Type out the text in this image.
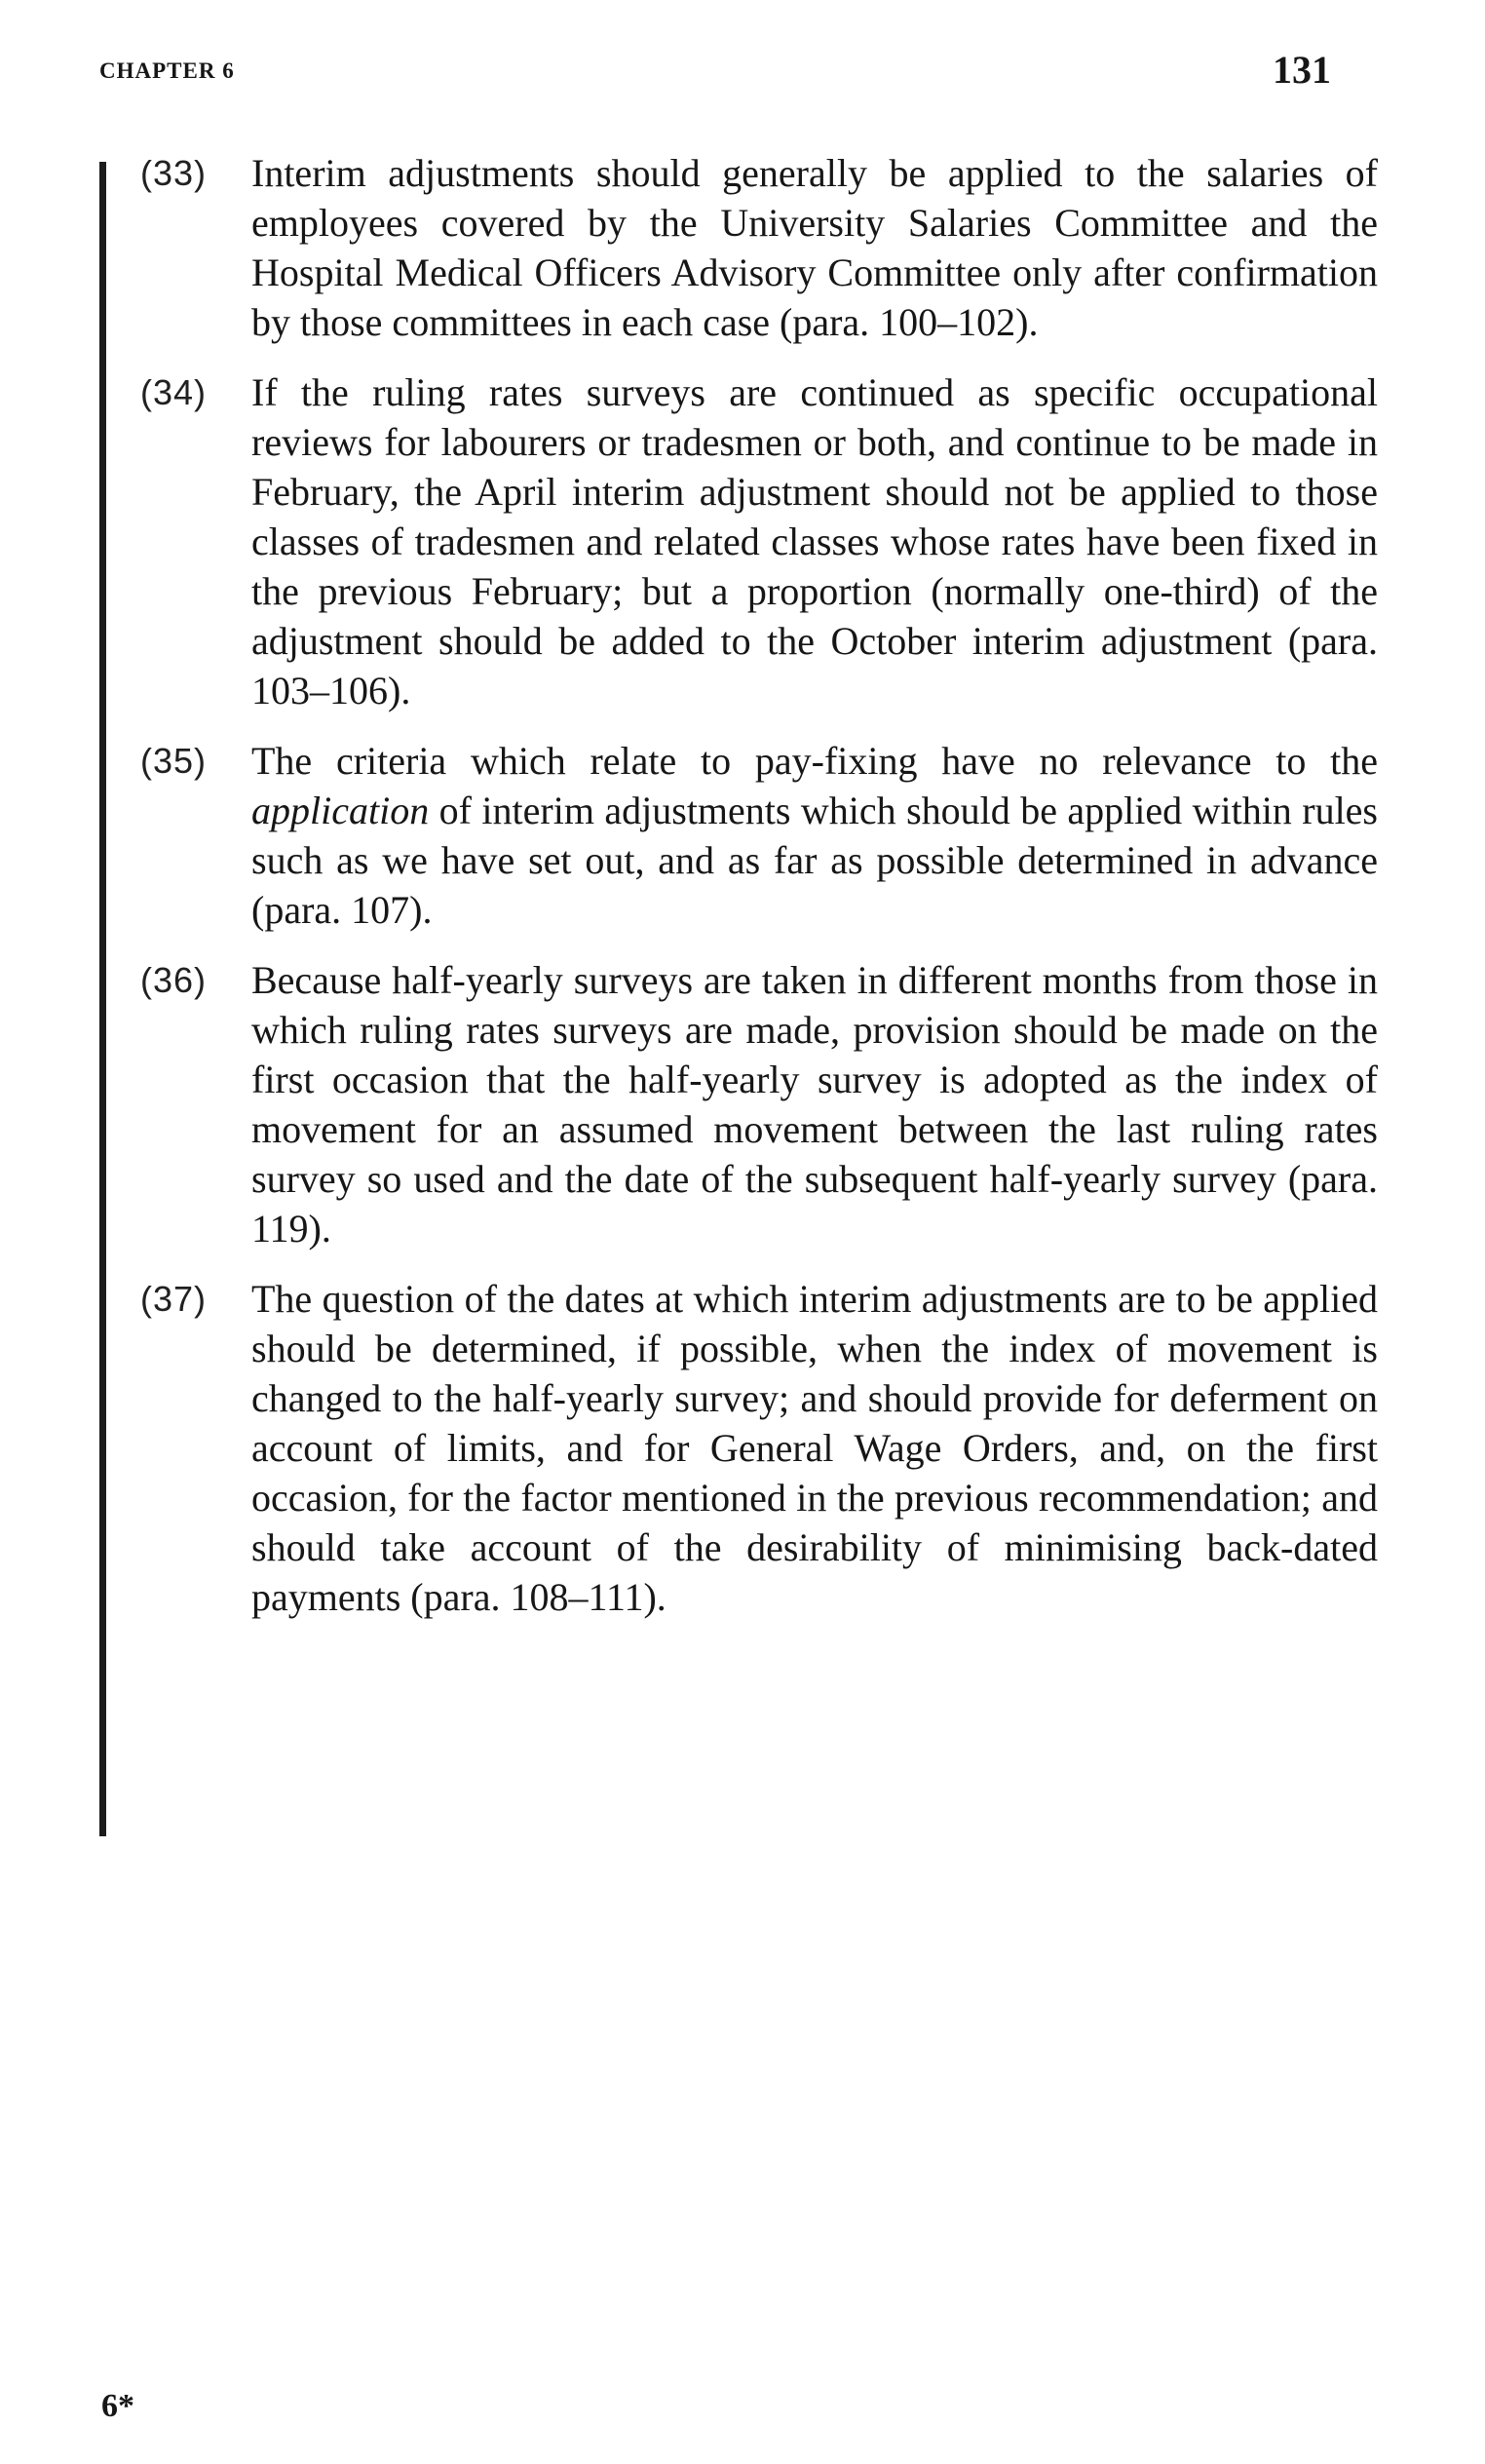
CHAPTER 6	131
(33) Interim adjustments should generally be applied to the salaries of employees covered by the University Salaries Committee and the Hospital Medical Officers Advisory Committee only after confirmation by those committees in each case (para. 100–102).
(34) If the ruling rates surveys are continued as specific occupational reviews for labourers or tradesmen or both, and continue to be made in February, the April interim adjustment should not be applied to those classes of tradesmen and related classes whose rates have been fixed in the previous February; but a proportion (normally one-third) of the adjustment should be added to the October interim adjustment (para. 103–106).
(35) The criteria which relate to pay-fixing have no relevance to the application of interim adjustments which should be applied within rules such as we have set out, and as far as possible determined in advance (para. 107).
(36) Because half-yearly surveys are taken in different months from those in which ruling rates surveys are made, provision should be made on the first occasion that the half-yearly survey is adopted as the index of movement for an assumed movement between the last ruling rates survey so used and the date of the subsequent half-yearly survey (para. 119).
(37) The question of the dates at which interim adjustments are to be applied should be determined, if possible, when the index of movement is changed to the half-yearly survey; and should provide for deferment on account of limits, and for General Wage Orders, and, on the first occasion, for the factor mentioned in the previous recommendation; and should take account of the desirability of minimising back-dated payments (para. 108–111).
6*
